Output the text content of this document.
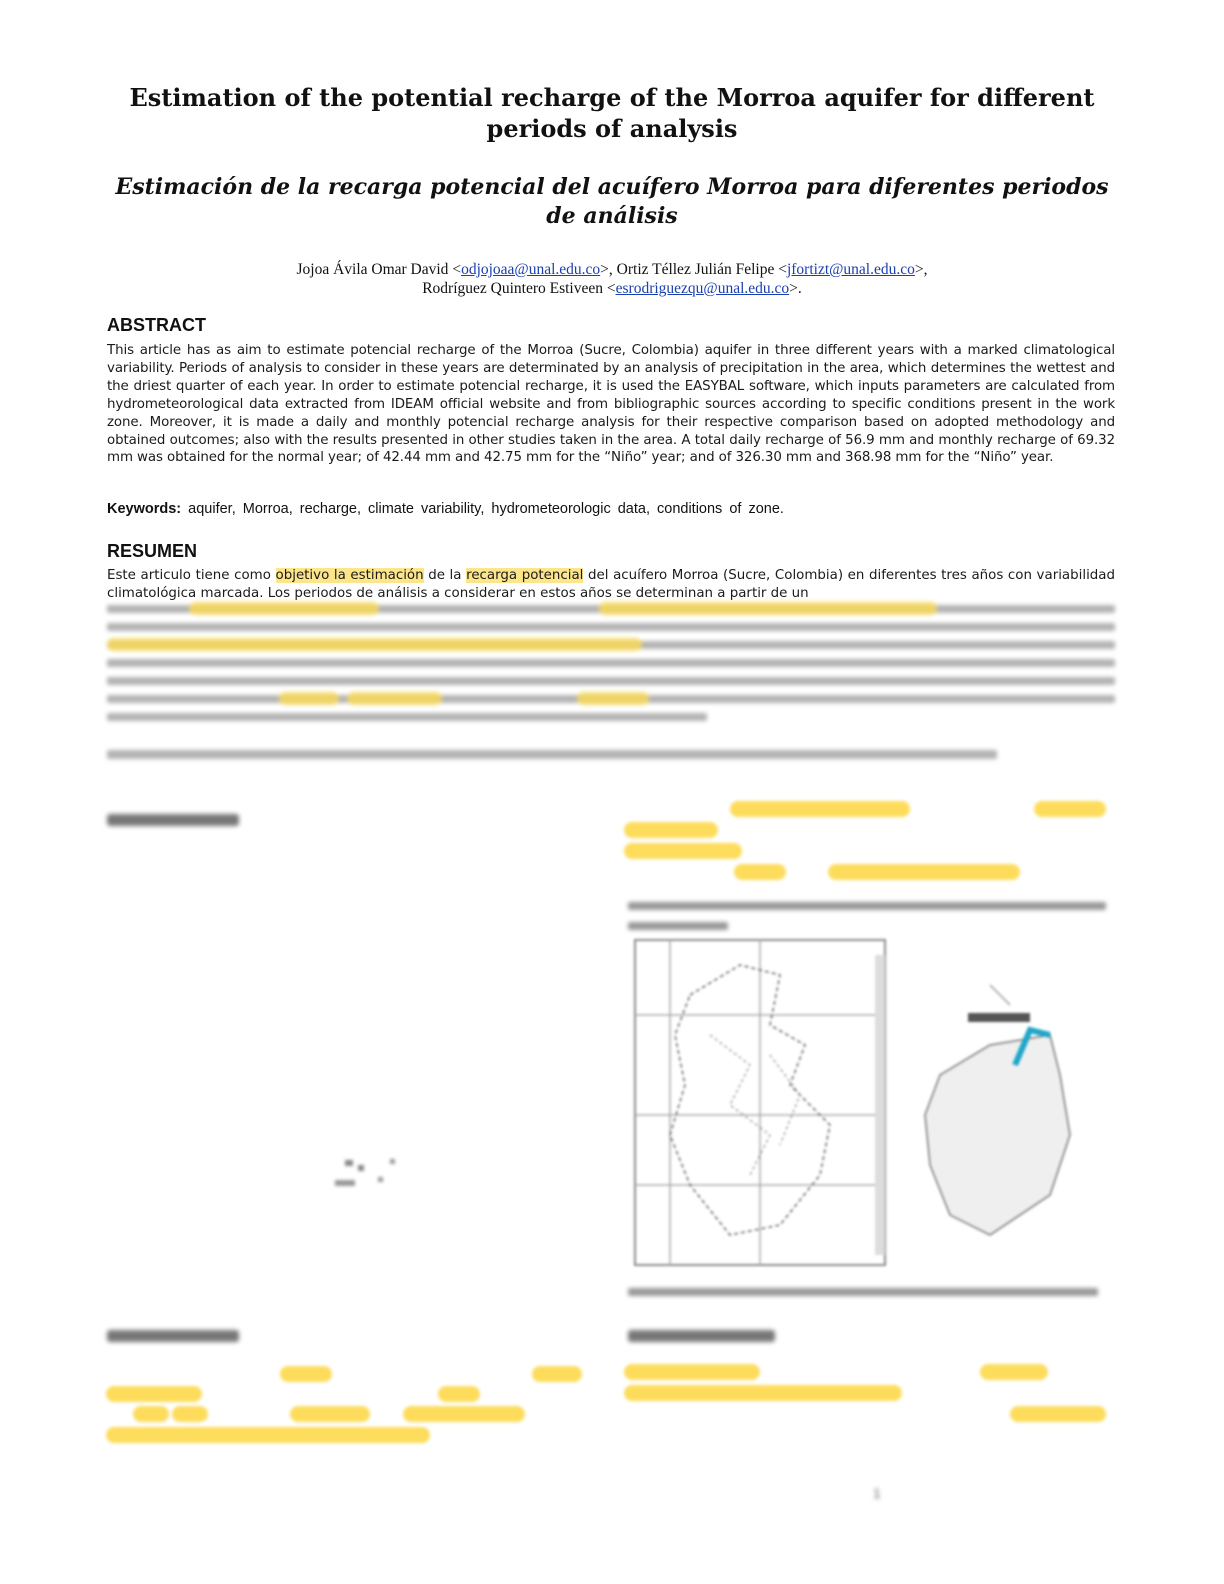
Estimation of the potential recharge of the Morroa aquifer for different periods of analysis
Estimación de la recarga potencial del acuífero Morroa para diferentes periodos de análisis
Jojoa Ávila Omar David <odjojoaa@unal.edu.co>, Ortiz Téllez Julián Felipe <jfortizt@unal.edu.co>,
Rodríguez Quintero Estiveen <esrodriguezqu@unal.edu.co>.
ABSTRACT
This article has as aim to estimate potencial recharge of the Morroa (Sucre, Colombia) aquifer in three different years with a marked climatological variability. Periods of analysis to consider in these years are determinated by an analysis of precipitation in the area, which determines the wettest and the driest quarter of each year. In order to estimate potencial recharge, it is used the EASYBAL software, which inputs parameters are calculated from hydrometeorological data extracted from IDEAM official website and from bibliographic sources according to specific conditions present in the work zone. Moreover, it is made a daily and monthly potencial recharge analysis for their respective comparison based on adopted methodology and obtained outcomes; also with the results presented in other studies taken in the area. A total daily recharge of 56.9 mm and monthly recharge of 69.32 mm was obtained for the normal year; of 42.44 mm and 42.75 mm for the “Niño” year; and of 326.30 mm and 368.98 mm for the “Niño” year.
Keywords: aquifer, Morroa, recharge, climate variability, hydrometeorologic data, conditions of zone.
RESUMEN
Este articulo tiene como objetivo la estimación de la recarga potencial del acuífero Morroa (Sucre, Colombia) en diferentes tres años con variabilidad climatológica marcada. Los periodos de análisis a considerar en estos años se determinan a partir de un
1
